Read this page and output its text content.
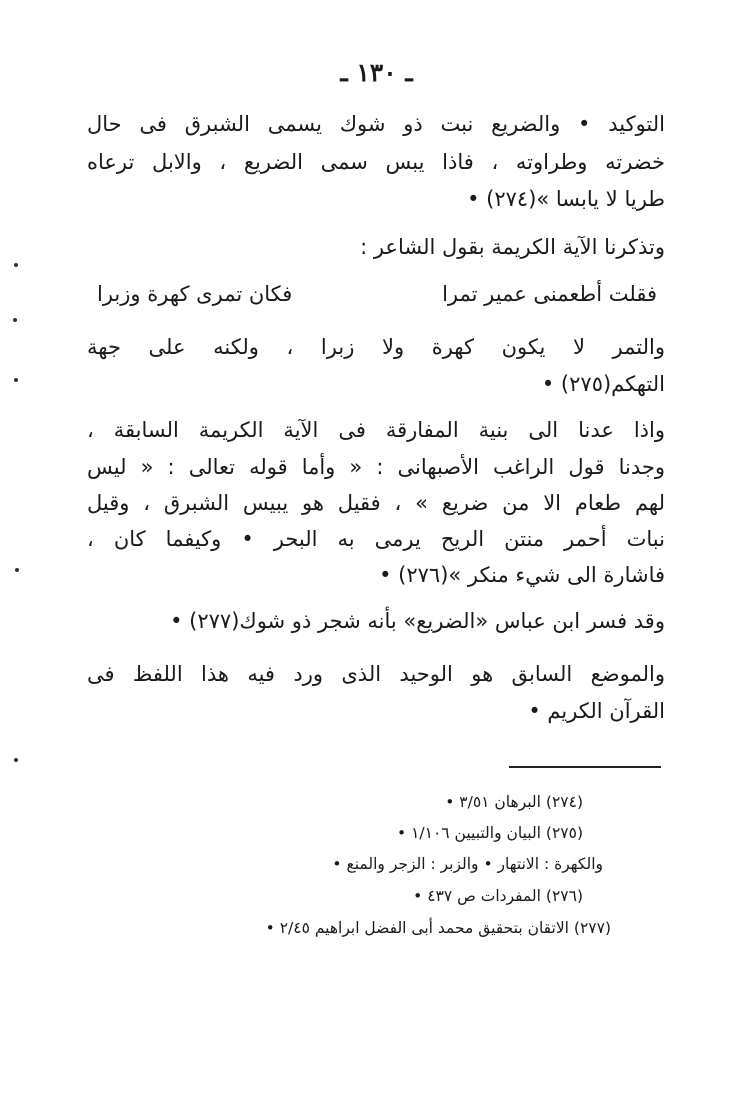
ـ ١٣٠ ـ
التوكيد • والضريع نبت ذو شوك يسمى الشبرق فى حال
خضرته وطراوته ، فاذا يبس سمى الضريع ، والابل ترعاه
طريا لا يابسا »(٢٧٤) •
وتذكرنا الآية الكريمة بقول الشاعر :
فقلت أطعمنى عمير تمرا
فكان تمرى كهرة وزبرا
والتمر لا يكون كهرة ولا زبرا ، ولكنه على جهة
التهكم(٢٧٥) •
واذا عدنا الى بنية المفارقة فى الآية الكريمة السابقة ،
وجدنا قول الراغب الأصبهانى : « وأما قوله تعالى : « ليس
لهم طعام الا من ضريع » ، فقيل هو يبيس الشبرق ، وقيل
نبات أحمر منتن الريح يرمى به البحر • وكيفما كان ،
فاشارة الى شيء منكر »(٢٧٦) •
وقد فسر ابن عباس «الضريع» بأنه شجر ذو شوك(٢٧٧) •
والموضع السابق هو الوحيد الذى ورد فيه هذا اللفظ فى
القرآن الكريم •
(٢٧٤) البرهان ٣/٥١ •
(٢٧٥) البيان والتبيين ١/١٠٦ •
والكهرة : الانتهار • والزبر : الزجر والمنع •
(٢٧٦) المفردات ص ٤٣٧ •
(٢٧٧) الاتقان بتحقيق محمد أبى الفضل ابراهيم ٢/٤٥ •
